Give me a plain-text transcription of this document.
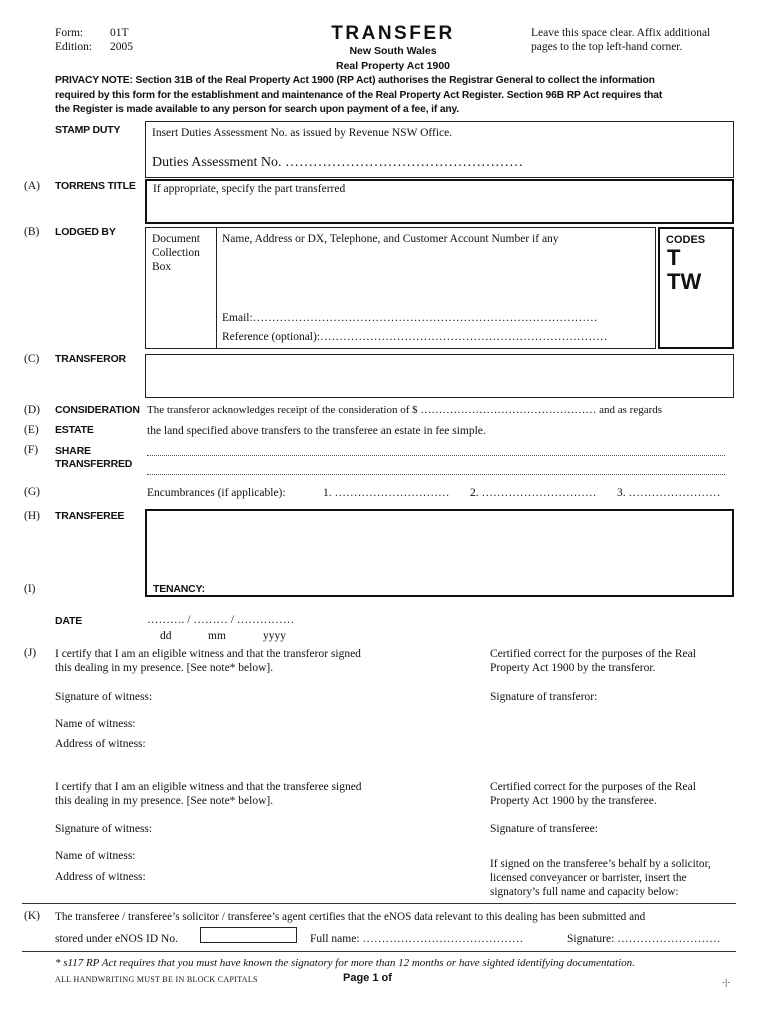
Form: 01T
Edition: 2005
TRANSFER
New South Wales
Real Property Act 1900
Leave this space clear. Affix additional
pages to the top left-hand corner.
PRIVACY NOTE: Section 31B of the Real Property Act 1900 (RP Act) authorises the Registrar General to collect the information
required by this form for the establishment and maintenance of the Real Property Act Register. Section 96B RP Act requires that
the Register is made available to any person for search upon payment of a fee, if any.
STAMP DUTY	Insert Duties Assessment No. as issued by Revenue NSW Office.
Duties Assessment No. ……………………………………………
(A) TORRENS TITLE If appropriate, specify the part transferred
(B) LODGED BY
Document
Collection
Box
Name, Address or DX, Telephone, and Customer Account Number if any
Email:………………………………………………………………………………
Reference (optional):…………………………………………………………………
CODES
T
TW
(C) TRANSFEROR
(D) CONSIDERATION The transferor acknowledges receipt of the consideration of $ ………………………………………… and as regards
(E) ESTATE	the land specified above transfers to the transferee an estate in fee simple.
(F) SHARE
TRANSFERRED
(G)	Encumbrances (if applicable):	1. ………………………… 2. ………………………… 3. ……………………
(H) TRANSFEREE
TENANCY:
(I)
DATE	………. / ……… / ……………
dd	mm	yyyy
(J) I certify that I am an eligible witness and that the transferor signed
this dealing in my presence. [See note* below].
Signature of witness:
Name of witness:
Address of witness:
Certified correct for the purposes of the Real
Property Act 1900 by the transferor.
Signature of transferor:
I certify that I am an eligible witness and that the transferee signed
this dealing in my presence. [See note* below].
Signature of witness:
Name of witness:
Address of witness:
Certified correct for the purposes of the Real
Property Act 1900 by the transferee.
Signature of transferee:
If signed on the transferee’s behalf by a solicitor,
licensed conveyancer or barrister, insert the
signatory’s full name and capacity below:
(K) The transferee / transferee’s solicitor / transferee’s agent certifies that the eNOS data relevant to this dealing has been submitted and
stored under eNOS ID No.	Full name: ……………………………………	Signature: ………………………
* s117 RP Act requires that you must have known the signatory for more than 12 months or have sighted identifying documentation.
ALL HANDWRITING MUST BE IN BLOCK CAPITALS	Page 1 of	-|-
